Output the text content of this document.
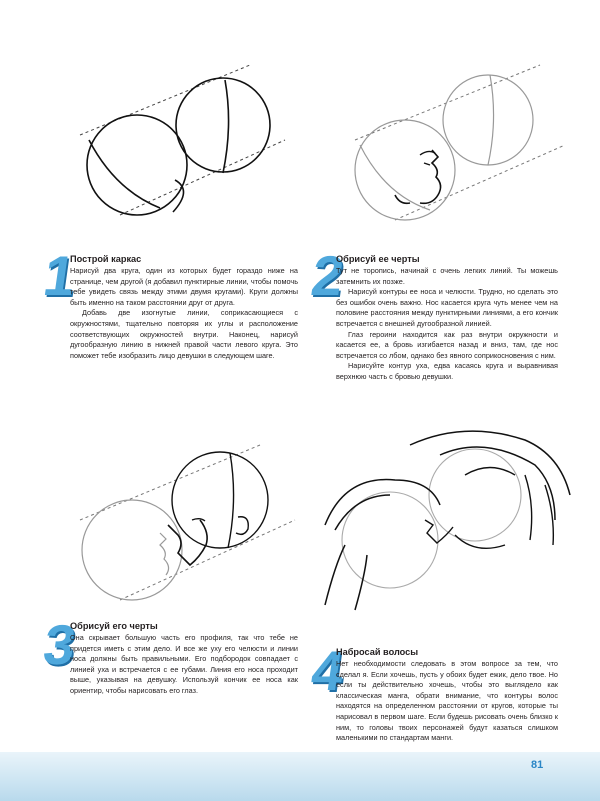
1
Построй каркас

Нарисуй два круга, один из которых будет гораздо ниже на странице, чем другой (я добавил пунктирные линии, чтобы помочь тебе увидеть связь между этими двумя кругами). Круги должны быть именно на таком расстоянии друг от друга.

Добавь две изогнутые линии, соприкасающиеся с окружностями, тщательно повторяя их углы и расположение соответствующих окружностей внутри. Наконец, нарисуй дугообразную линию в нижней правой части левого круга. Это поможет тебе изобразить лицо девушки в следующем шаге.

2
Обрисуй ее черты

Тут не торопись, начинай с очень легких линий. Ты можешь затемнить их позже.

Нарисуй контуры ее носа и челюсти. Трудно, но сделать это без ошибок очень важно. Нос касается круга чуть менее чем на половине расстояния между пунктирными линиями, а его кончик встречается с внешней дугообразной линией.

Глаз героини находится как раз внутри окружности и касается ее, а бровь изгибается назад и вниз, там, где нос встречается со лбом, однако без явного соприкосновения с ним.

Нарисуйте контур уха, едва касаясь круга и выравнивая верхнюю часть с бровью девушки.

3
Обрисуй его черты

Она скрывает большую часть его профиля, так что тебе не придется иметь с этим дело. И все же уху его челюсти и линии носа должны быть правильными. Его подбородок совпадает с линией уха и встречается с ее губами. Линия его носа проходит выше, указывая на девушку. Используй кончик ее носа как ориентир, чтобы нарисовать его глаз.	4
Набросай волосы

Нет необходимости следовать в этом вопросе за тем, что сделал я. Если хочешь, пусть у обоих будет ежик, дело твое. Но если ты действительно хочешь, чтобы это выглядело как классическая манга, обрати внимание, что контуры волос находятся на определенном расстоянии от кругов, которые ты нарисовал в первом шаге. Если будешь рисовать очень близко к ним, то головы твоих персонажей будут казаться слишком маленькими по стандартам манги.

81
